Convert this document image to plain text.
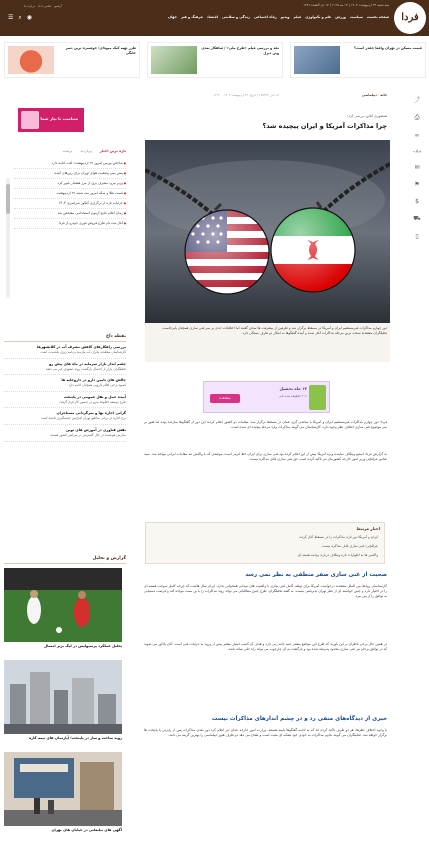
فردا
سه شنبه ۲۲ اردیبهشت ۱۴۰۴ | ۱۳ مه ۲۰۲۵ | ۱۴ ذی القعده ۱۴۴۶
صفحه نخست
سیاست
ورزش
علم و تکنولوژی
فیلم
ویدیو
رفاه اجتماعی
زندگی و سلامتی
اقتصاد
فرهنگ و هنر
جهان
درباره ما تماس با ما آرشیو
☰ ⌕ ◉
قیمت مسکن در تهران واقعا چقدر است؟
نقد و بررسی فیلم «طرح ملی» / شاهکار بعدی وین دیزل
طرز تهیه کیک میوه‌ای؛ خوشمزه ترین دسر خانگی
⤴
⎙
∞
+A−
✉
⚑
$
⛟
▯
خانه › دیپلماسی
کد خبر: ۱۸۷۳۶۳ | تاریخ: ۲۲ اردیبهشت ۱۴۰۴ - ۱۳:۳۰
همشهری آنلاین بررسی کرد؛
چرا مذاکرات آمریکا و ایران پیچیده شد؟
دور چهارم مذاکرات غیرمستقیم ایران و آمریکا در مسقط برگزار شد و طرفین از پیشرفت ها سخن گفتند اما اختلافات جدی بر سر غنی سازی همچنان پابرجاست. تحلیلگران معتقدند سخت ترین مرحله مذاکرات آغاز شده و آینده گفتگوها به ابتکار دو طرف بستگی دارد.
۱۴ ماه تحصیل
۲۰٪ تخفیف ثبت نام
مشاهده
فردا: دور چهارم مذاکرات غیرمستقیم ایران و آمریکا با میانجی گری عمان در مسقط برگزار شد. مقامات دو کشور اعلام کردند این دور از گفتگوها سازنده بوده اما هنوز بر سر موضوع غنی سازی اختلاف نظر وجود دارد. کارشناسان می گویند مذاکرات وارد مرحله پیچیده ای شده است.
به گزارش فردا، استیو ویتکاف نماینده ویژه آمریکا پیش از این اعلام کرده بود غنی سازی برای ایران خط قرمز است؛ موضعی که با واکنش تند مقامات ایرانی مواجه شد. سید عباس عراقچی وزیر امور خارجه کشورمان نیز تاکید کرده است حق غنی سازی قابل مذاکره نیست.
اخبار مرتبط
ایران و آمریکا دور تازه مذاکرات را در مسقط آغاز کردند
عراقچی: غنی سازی قابل مذاکره نیست
واکنش ها به اظهارات تازه ویتکاف درباره برنامه هسته ای
صحبت از غنی سازی صفر منطقی به نظر نمی رسد
کارشناسان روابط بین الملل معتقدند درخواست آمریکا برای توقف کامل غنی سازی با واقعیت های میدانی همخوانی ندارد. ایران سال هاست که چرخه کامل سوخت هسته ای را در اختیار دارد و چنین خواسته ای از نظر تهران پذیرفتنی نیست. به گفته تحلیلگران، طرح چنین مطالباتی می تواند روند مذاکرات را با بن بست مواجه کند و فرصت دستیابی به توافق را از بین ببرد.
در همین حال برخی ناظران بر این باورند که طرح این مواضع بیشتر جنبه چانه زنی دارد و هدف آن کسب امتیاز بیشتر پیش از ورود به جزئیات فنی است. آنان یادآور می شوند که در توافق برجام نیز غنی سازی محدود پذیرفته شده بود و بازگشت به آن چارچوب می تواند راه حلی میانه باشد.
خبری از دیدگاه‌های منفی رد و در چشم اندازهای مذاکرات نیست
با وجود اختلاف نظرها، هر دو طرف تاکید کرده اند که به ادامه گفتگوها پایبند هستند. وزارت امور خارجه عمان نیز اعلام کرد دور بعدی مذاکرات پس از رایزنی با پایتخت ها برگزار خواهد شد. تحلیلگران می گویند تداوم مذاکرات به خودی خود نشانه ای مثبت است و نشان می دهد دو طرف هنوز دیپلماسی را بهترین گزینه می دانند.
متناسب با نیاز شما
تازه ترین اخبار
پربازدید
پربحث
● شاخص بورس امروز ۲۲ اردیبهشت؛ افت ادامه دارد
● پیش بینی وضعیت هوای تهران برای روزهای آینده
● وزیر نیرو: مصرف برق از مرز هشدار عبور کرد
● قیمت طلا و سکه امروز سه شنبه ۲۲ اردیبهشت
● جزئیات تازه از برگزاری کنکور سراسری ۱۴۰۴
● زمان اعلام نتایج آزمون استخدامی مشخص شد
● آغاز ثبت نام طرح فروش فوری خودرو از فردا
نقطه داغ
بررسی راهکارهای کاهش مصرف آب در کلانشهرها
کارشناسان معتقدند بحران آب نیازمند برنامه ریزی بلندمدت است
چشم انداز بازار سرمایه در ماه های پیش رو
تحلیلگران بازار از احتمال بازگشت روند صعودی خبر می دهند
چالش های تامین دارو در داروخانه ها
کمبود برخی اقلام دارویی همچنان ادامه دارد
آینده حمل و نقل عمومی در پایتخت
طرح توسعه خطوط مترو در دستور کار قرار گرفت
گرانی اجاره بها و سرگردانی مستاجران
نرخ اجاره در برخی مناطق تهران افزایش چشمگیری داشته است
نقش فناوری در آموزش های نوین
مدارس هوشمند در حال گسترش در سراسر کشور هستند
گزارش و تحلیل
تحلیل عملکرد پرسپولیس در لیگ برتر امسال
روند ساخت و ساز در پایتخت؛ آپارتمان های نیمه کاره
آگهی های تبلیغاتی در خیابان های تهران
